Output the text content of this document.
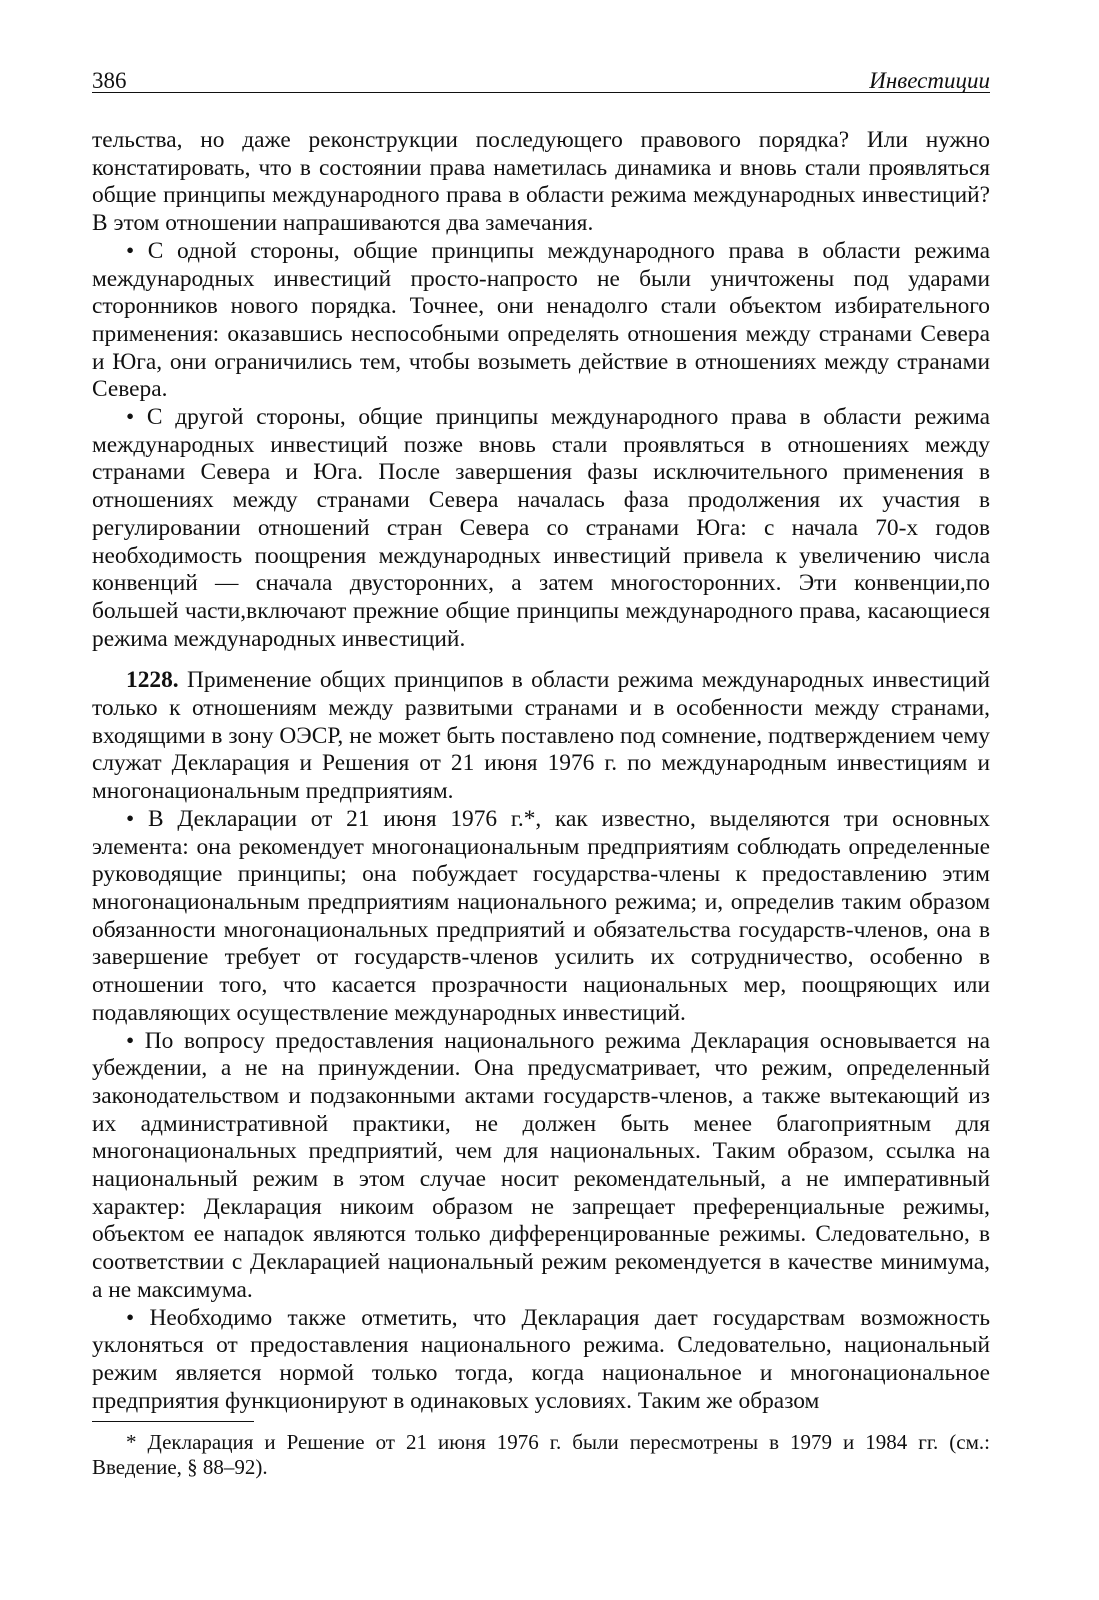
386	Инвестиции

тельства, но даже реконструкции последующего правового порядка? Или нужно констатировать, что в состоянии права наметилась динамика и вновь стали проявляться общие принципы международного права в области режима международных инвестиций? В этом отношении напрашиваются два замечания.

• С одной стороны, общие принципы международного права в области режима международных инвестиций просто-напросто не были уничтожены под ударами сторонников нового порядка. Точнее, они ненадолго стали объектом избирательного применения: оказавшись неспособными определять отношения между странами Севера и Юга, они ограничились тем, чтобы возыметь действие в отношениях между странами Севера.

• С другой стороны, общие принципы международного права в области режима международных инвестиций позже вновь стали проявляться в отношениях между странами Севера и Юга. После завершения фазы исключительного применения в отношениях между странами Севера началась фаза продолжения их участия в регулировании отношений стран Севера со странами Юга: с начала 70-х годов необходимость поощрения международных инвестиций привела к увеличению числа конвенций — сначала двусторонних, а затем многосторонних. Эти конвенции,по большей части,включают прежние общие принципы международного права, касающиеся режима международных инвестиций.

1228. Применение общих принципов в области режима международных инвестиций только к отношениям между развитыми странами и в особенности между странами, входящими в зону ОЭСР, не может быть поставлено под сомнение, подтверждением чему служат Декларация и Решения от 21 июня 1976 г. по международным инвестициям и многонациональным предприятиям.

• В Декларации от 21 июня 1976 г.*, как известно, выделяются три основных элемента: она рекомендует многонациональным предприятиям соблюдать определенные руководящие принципы; она побуждает государства-члены к предоставлению этим многонациональным предприятиям национального режима; и, определив таким образом обязанности многонациональных предприятий и обязательства государств-членов, она в завершение требует от государств-членов усилить их сотрудничество, особенно в отношении того, что касается прозрачности национальных мер, поощряющих или подавляющих осуществление международных инвестиций.

• По вопросу предоставления национального режима Декларация основывается на убеждении, а не на принуждении. Она предусматривает, что режим, определенный законодательством и подзаконными актами государств-членов, а также вытекающий из их административной практики, не должен быть менее благоприятным для многонациональных предприятий, чем для национальных. Таким образом, ссылка на национальный режим в этом случае носит рекомендательный, а не императивный характер: Декларация никоим образом не запрещает преференциальные режимы, объектом ее нападок являются только дифференцированные режимы. Следовательно, в соответствии с Декларацией национальный режим рекомендуется в качестве минимума, а не максимума.

• Необходимо также отметить, что Декларация дает государствам возможность уклоняться от предоставления национального режима. Следовательно, национальный режим является нормой только тогда, когда национальное и многонациональное предприятия функционируют в одинаковых условиях. Таким же образом

* Декларация и Решение от 21 июня 1976 г. были пересмотрены в 1979 и 1984 гг. (см.: Введение, § 88–92).
